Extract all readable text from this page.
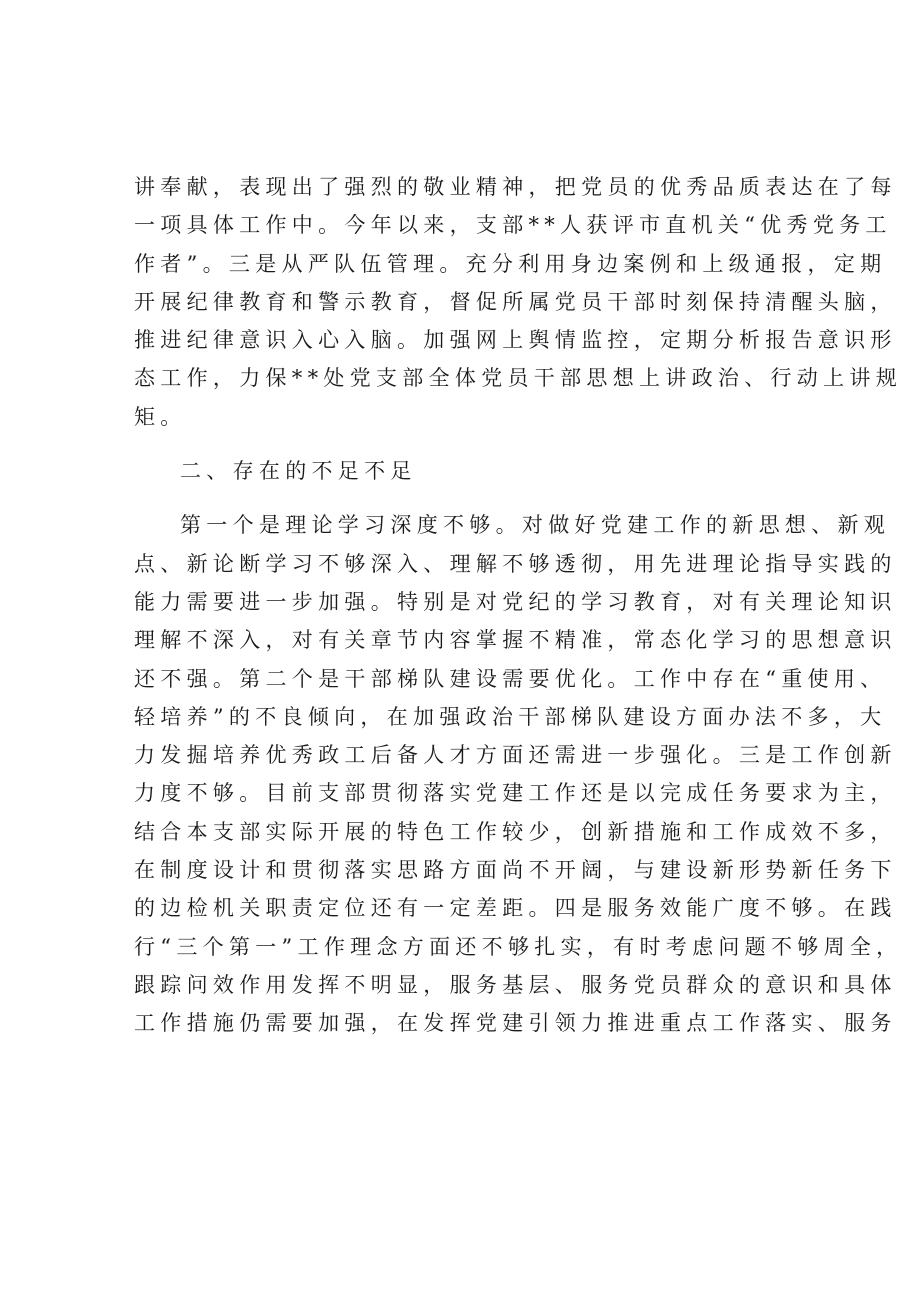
讲奉献，表现出了强烈的敬业精神，把党员的优秀品质表达在了每
一项具体工作中。今年以来，支部**人获评市直机关“优秀党务工
作者”。三是从严队伍管理。充分利用身边案例和上级通报，定期
开展纪律教育和警示教育，督促所属党员干部时刻保持清醒头脑，
推进纪律意识入心入脑。加强网上舆情监控，定期分析报告意识形
态工作，力保**处党支部全体党员干部思想上讲政治、行动上讲规
矩。
二、存在的不足不足
第一个是理论学习深度不够。对做好党建工作的新思想、新观
点、新论断学习不够深入、理解不够透彻，用先进理论指导实践的
能力需要进一步加强。特别是对党纪的学习教育，对有关理论知识
理解不深入，对有关章节内容掌握不精准，常态化学习的思想意识
还不强。第二个是干部梯队建设需要优化。工作中存在“重使用、
轻培养”的不良倾向，在加强政治干部梯队建设方面办法不多，大
力发掘培养优秀政工后备人才方面还需进一步强化。三是工作创新
力度不够。目前支部贯彻落实党建工作还是以完成任务要求为主，
结合本支部实际开展的特色工作较少，创新措施和工作成效不多，
在制度设计和贯彻落实思路方面尚不开阔，与建设新形势新任务下
的边检机关职责定位还有一定差距。四是服务效能广度不够。在践
行“三个第一”工作理念方面还不够扎实，有时考虑问题不够周全，
跟踪问效作用发挥不明显，服务基层、服务党员群众的意识和具体
工作措施仍需要加强，在发挥党建引领力推进重点工作落实、服务
